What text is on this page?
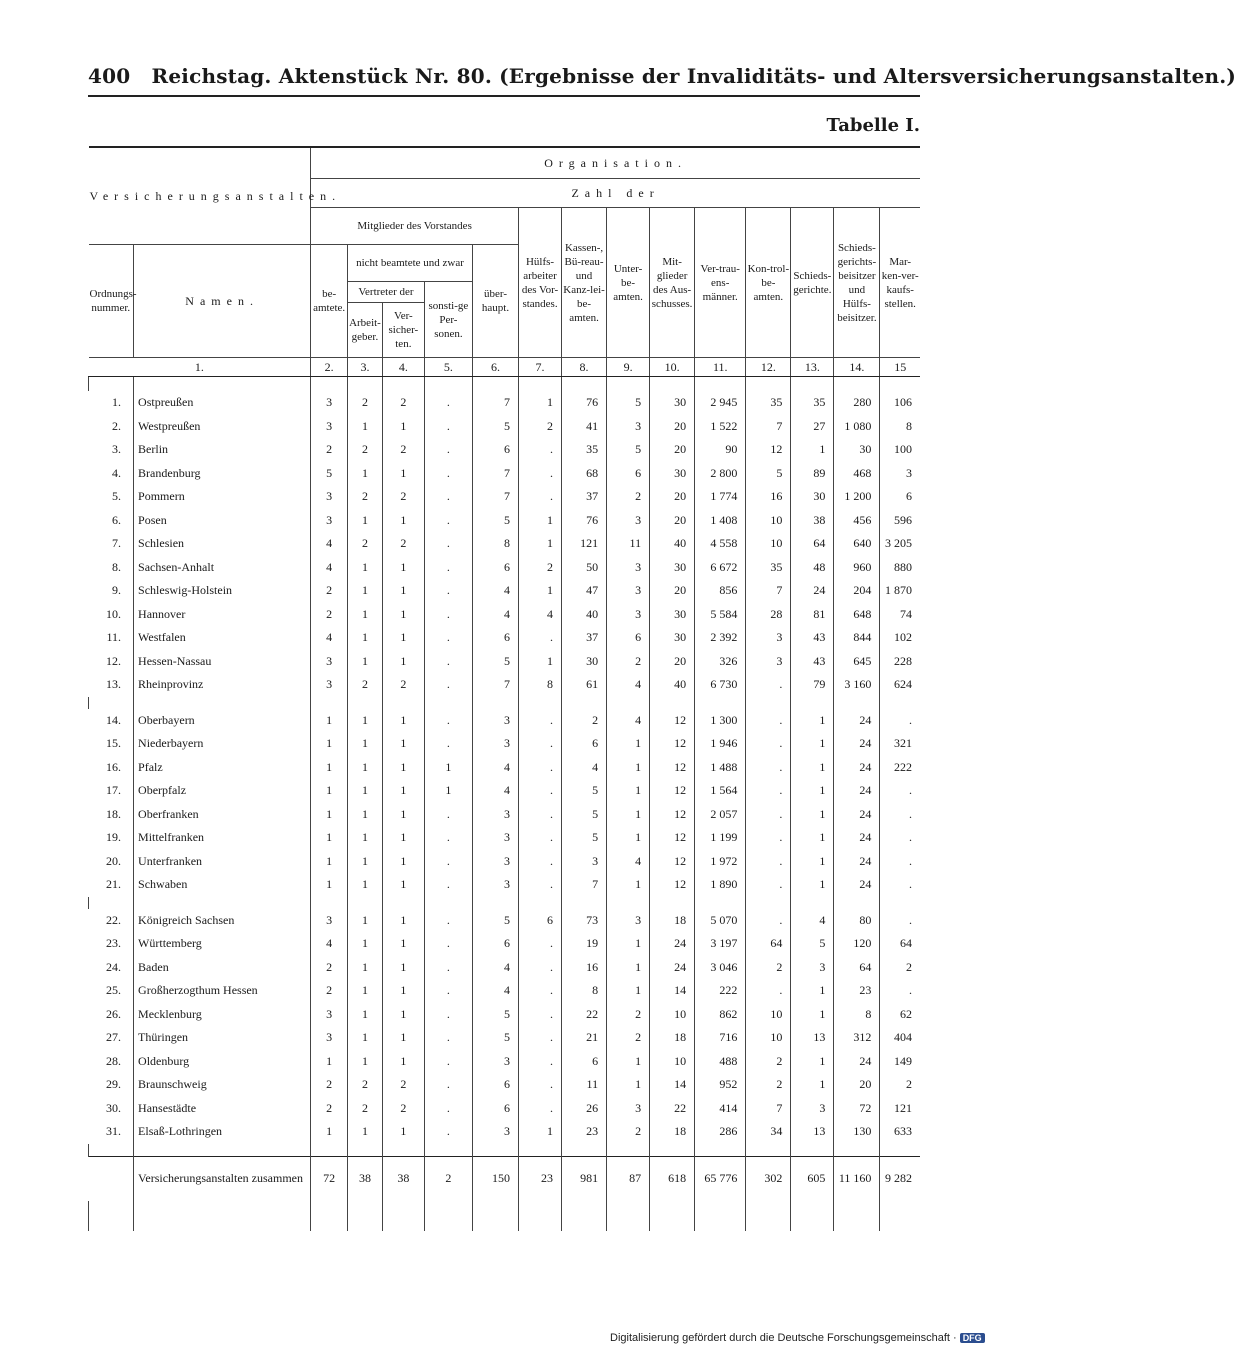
400 Reichstag. Aktenstück Nr. 80. (Ergebnisse der Invaliditäts- und Altersversicherungsanstalten.)
Tabelle I.
Versicherungsanstalten.		Organisation.													
		Zahl der													
		Mitglieder des Vorstandes					Hülfs-arbeiter des Vor-standes.	Kassen-, Bü-reau- und Kanz-lei-be-amten.	Unter-be-amten.	Mit-glieder des Aus-schusses.	Ver-trau-ens-männer.	Kon-trol-be-amten.	Schieds-gerichte.	Schieds-gerichts-beisitzer und Hülfs-beisitzer.	Mar-ken-ver-kaufs-stellen.
Ordnungs-nummer.	Namen.	be-amtete.	nicht beamtete und zwar			über-haupt.									
			Vertreter der		sonsti-ge Per-sonen.										
			Arbeit-geber.	Ver-sicher-ten.											
1.		2.	3.	4.	5.	6.	7.	8.	9.	10.	11.	12.	13.	14.	15

1.	Ostpreußen	3	2	2	.	7	1	76	5	30	2 945	35	35	280	106
2.	Westpreußen	3	1	1	.	5	2	41	3	20	1 522	7	27	1 080	8
3.	Berlin	2	2	2	.	6	.	35	5	20	90	12	1	30	100
4.	Brandenburg	5	1	1	.	7	.	68	6	30	2 800	5	89	468	3
5.	Pommern	3	2	2	.	7	.	37	2	20	1 774	16	30	1 200	6
6.	Posen	3	1	1	.	5	1	76	3	20	1 408	10	38	456	596
7.	Schlesien	4	2	2	.	8	1	121	11	40	4 558	10	64	640	3 205
8.	Sachsen-Anhalt	4	1	1	.	6	2	50	3	30	6 672	35	48	960	880
9.	Schleswig-Holstein	2	1	1	.	4	1	47	3	20	856	7	24	204	1 870
10.	Hannover	2	1	1	.	4	4	40	3	30	5 584	28	81	648	74
11.	Westfalen	4	1	1	.	6	.	37	6	30	2 392	3	43	844	102
12.	Hessen-Nassau	3	1	1	.	5	1	30	2	20	326	3	43	645	228
13.	Rheinprovinz	3	2	2	.	7	8	61	4	40	6 730	.	79	3 160	624

14.	Oberbayern	1	1	1	.	3	.	2	4	12	1 300	.	1	24	.
15.	Niederbayern	1	1	1	.	3	.	6	1	12	1 946	.	1	24	321
16.	Pfalz	1	1	1	1	4	.	4	1	12	1 488	.	1	24	222
17.	Oberpfalz	1	1	1	1	4	.	5	1	12	1 564	.	1	24	.
18.	Oberfranken	1	1	1	.	3	.	5	1	12	2 057	.	1	24	.
19.	Mittelfranken	1	1	1	.	3	.	5	1	12	1 199	.	1	24	.
20.	Unterfranken	1	1	1	.	3	.	3	4	12	1 972	.	1	24	.
21.	Schwaben	1	1	1	.	3	.	7	1	12	1 890	.	1	24	.

22.	Königreich Sachsen	3	1	1	.	5	6	73	3	18	5 070	.	4	80	.
23.	Württemberg	4	1	1	.	6	.	19	1	24	3 197	64	5	120	64
24.	Baden	2	1	1	.	4	.	16	1	24	3 046	2	3	64	2
25.	Großherzogthum Hessen	2	1	1	.	4	.	8	1	14	222	.	1	23	.
26.	Mecklenburg	3	1	1	.	5	.	22	2	10	862	10	1	8	62
27.	Thüringen	3	1	1	.	5	.	21	2	18	716	10	13	312	404
28.	Oldenburg	1	1	1	.	3	.	6	1	10	488	2	1	24	149
29.	Braunschweig	2	2	2	.	6	.	11	1	14	952	2	1	20	2
30.	Hansestädte	2	2	2	.	6	.	26	3	22	414	7	3	72	121
31.	Elsaß-Lothringen	1	1	1	.	3	1	23	2	18	286	34	13	130	633

	Versicherungsanstalten zusammen	72	38	38	2	150	23	981	87	618	65 776	302	605	11 160	9 282

Digitalisierung gefördert durch die Deutsche Forschungsgemeinschaft · DFG
